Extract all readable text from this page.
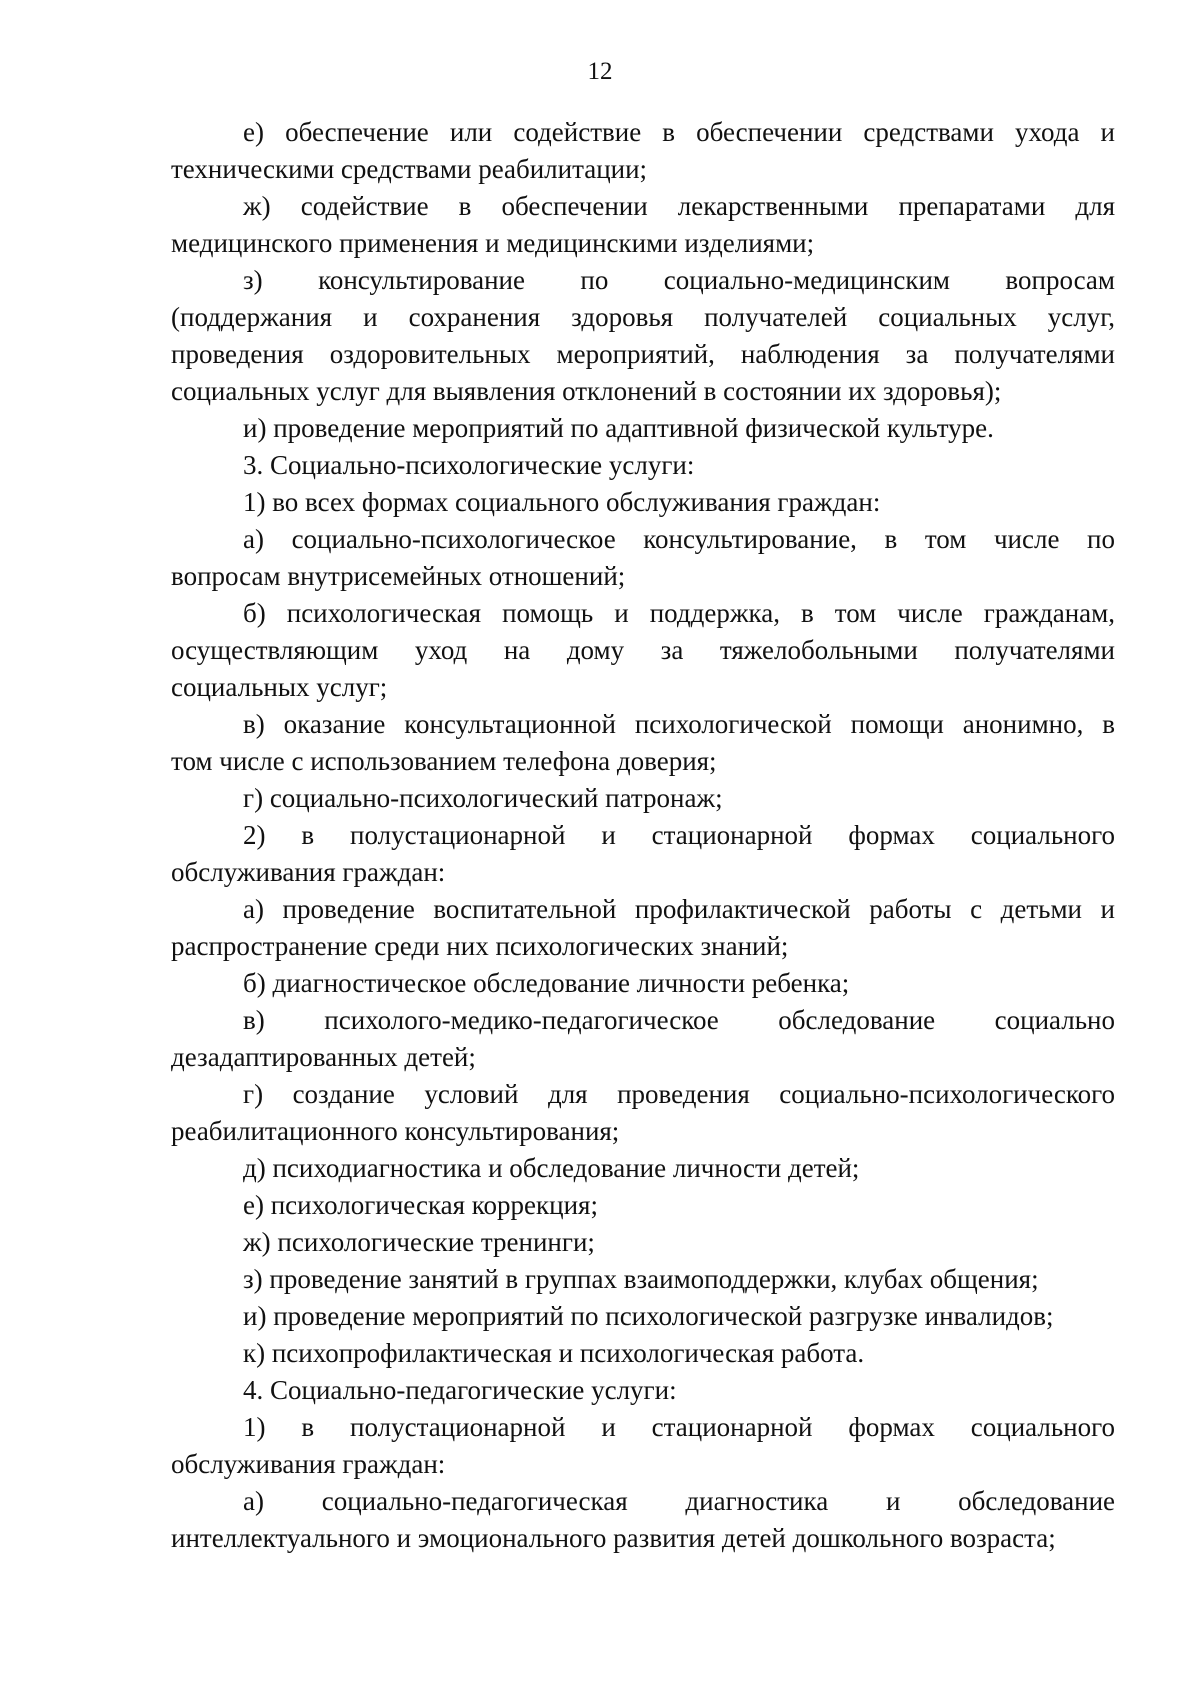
12
е) обеспечение или содействие в обеспечении средствами ухода и
техническими средствами реабилитации;
ж) содействие в обеспечении лекарственными препаратами для
медицинского применения и медицинскими изделиями;
з) консультирование по социально-медицинским вопросам
(поддержания и сохранения здоровья получателей социальных услуг,
проведения оздоровительных мероприятий, наблюдения за получателями
социальных услуг для выявления отклонений в состоянии их здоровья);
и) проведение мероприятий по адаптивной физической культуре.
3. Социально-психологические услуги:
1) во всех формах социального обслуживания граждан:
а) социально-психологическое консультирование, в том числе по
вопросам внутрисемейных отношений;
б) психологическая помощь и поддержка, в том числе гражданам,
осуществляющим уход на дому за тяжелобольными получателями
социальных услуг;
в) оказание консультационной психологической помощи анонимно, в
том числе с использованием телефона доверия;
г) социально-психологический патронаж;
2) в полустационарной и стационарной формах социального
обслуживания граждан:
а) проведение воспитательной профилактической работы с детьми и
распространение среди них психологических знаний;
б) диагностическое обследование личности ребенка;
в) психолого-медико-педагогическое обследование социально
дезадаптированных детей;
г) создание условий для проведения социально-психологического
реабилитационного консультирования;
д) психодиагностика и обследование личности детей;
е) психологическая коррекция;
ж) психологические тренинги;
з) проведение занятий в группах взаимоподдержки, клубах общения;
и) проведение мероприятий по психологической разгрузке инвалидов;
к) психопрофилактическая и психологическая работа.
4. Социально-педагогические услуги:
1) в полустационарной и стационарной формах социального
обслуживания граждан:
а) социально-педагогическая диагностика и обследование
интеллектуального и эмоционального развития детей дошкольного возраста;
